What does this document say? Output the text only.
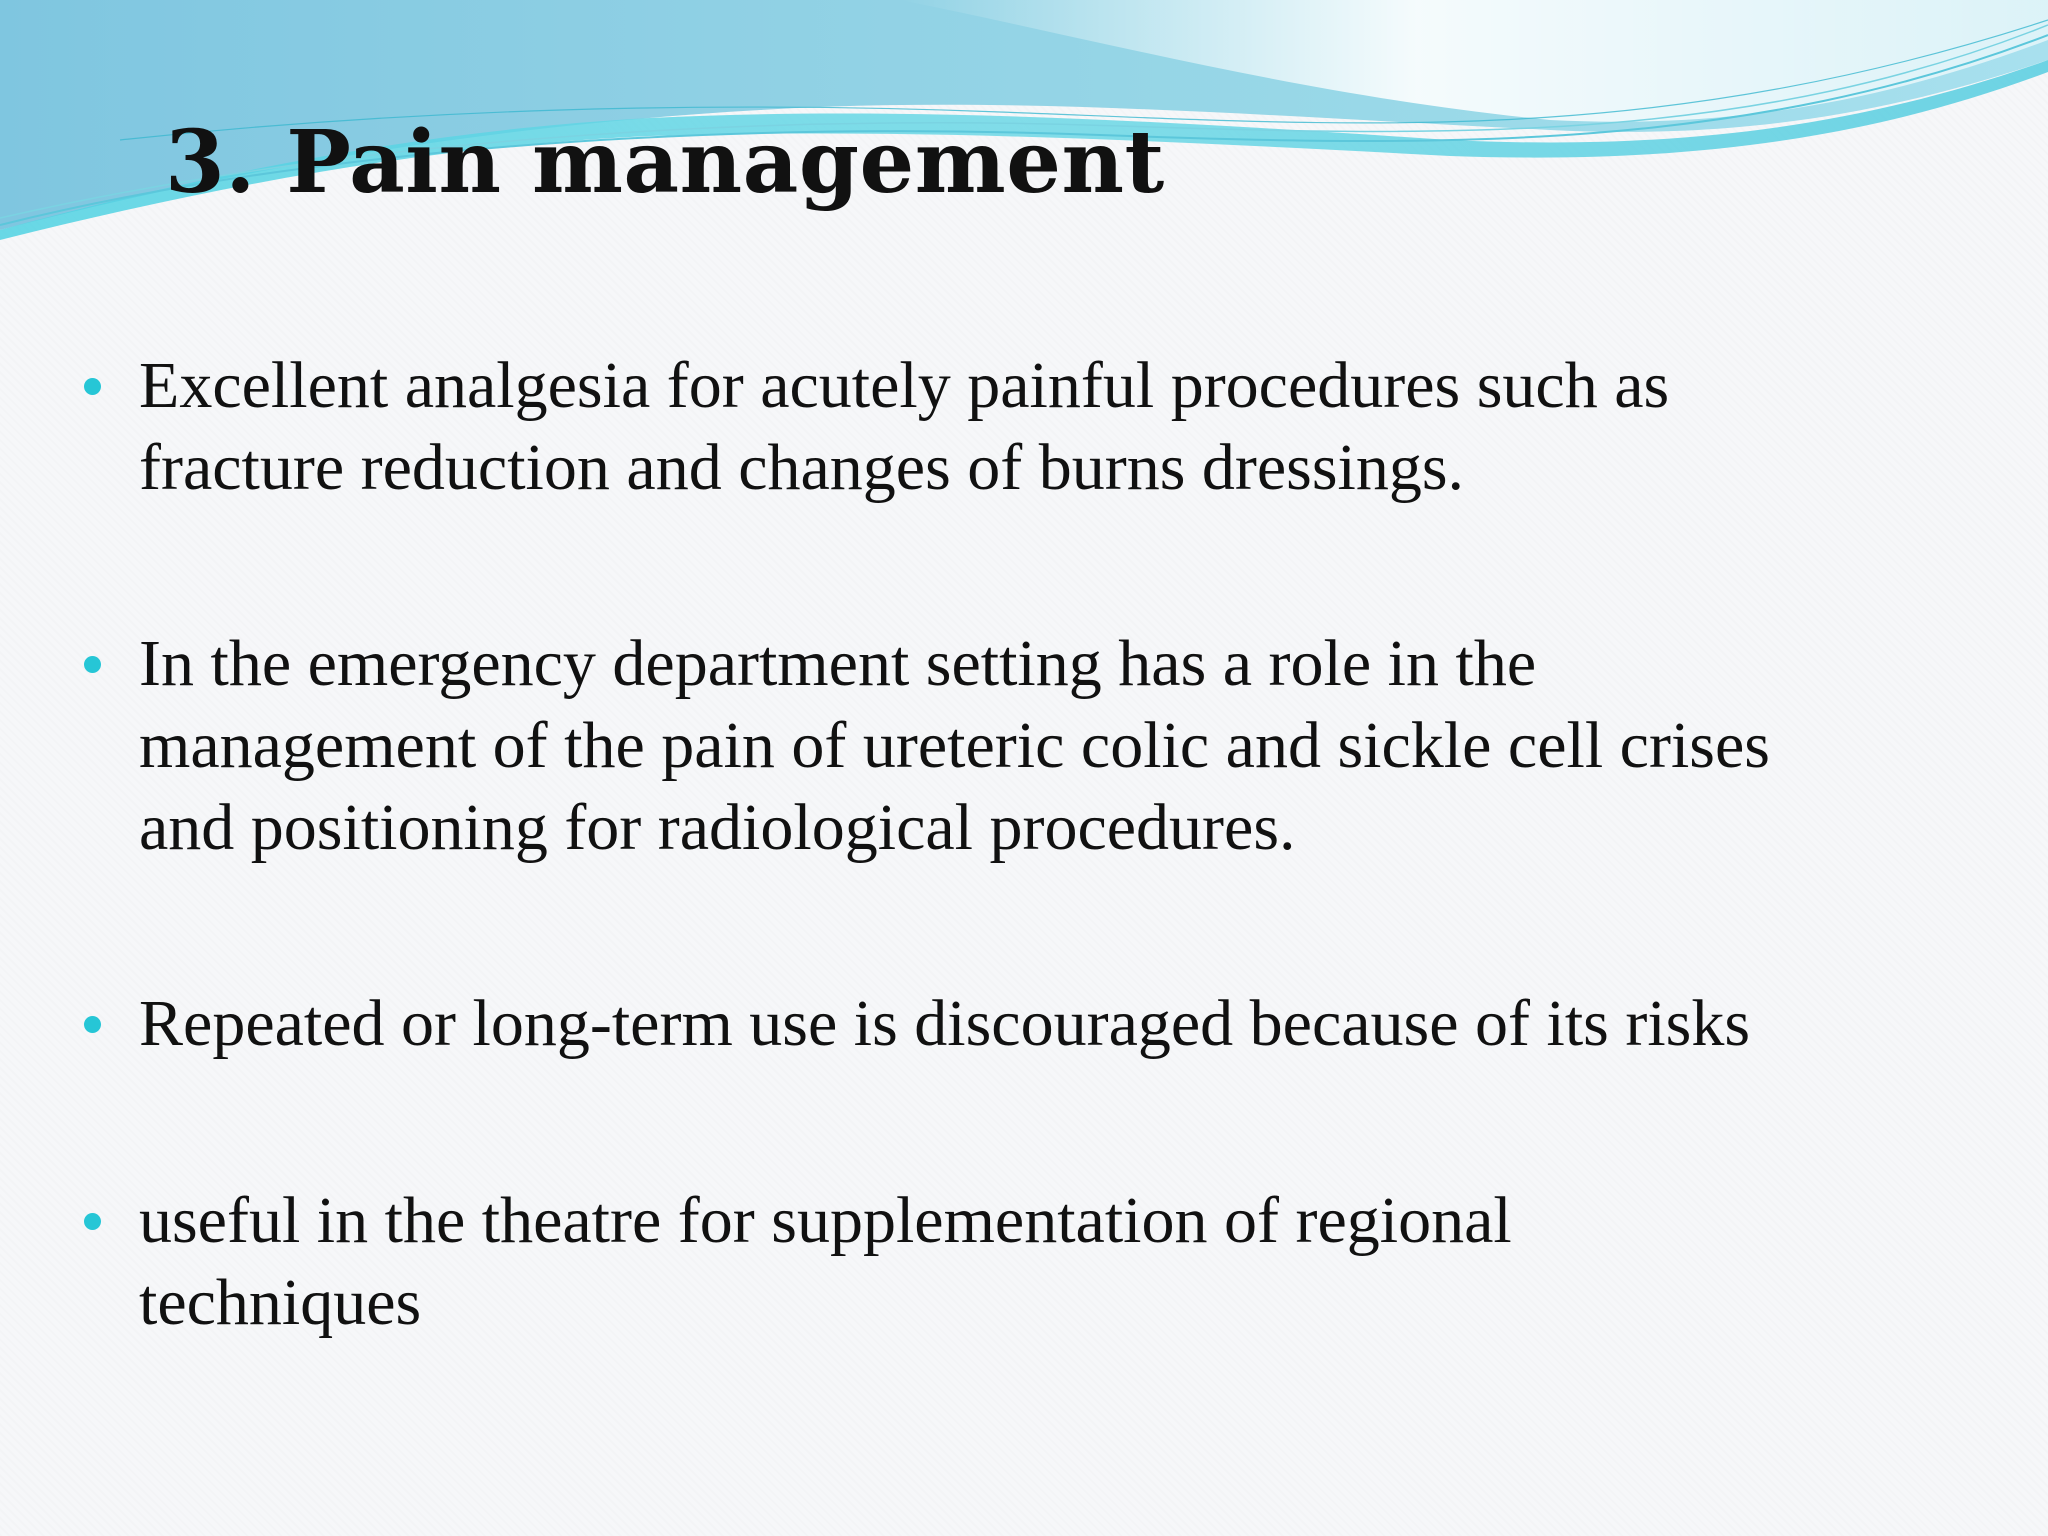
3. Pain management
Excellent analgesia for acutely painful procedures such as
fracture reduction and changes of burns dressings.
In the emergency department setting has a role in the
management of the pain of ureteric colic and sickle cell crises
and positioning for radiological procedures.
Repeated or long-term use is discouraged because of its risks
useful in the theatre for supplementation of regional
techniques
